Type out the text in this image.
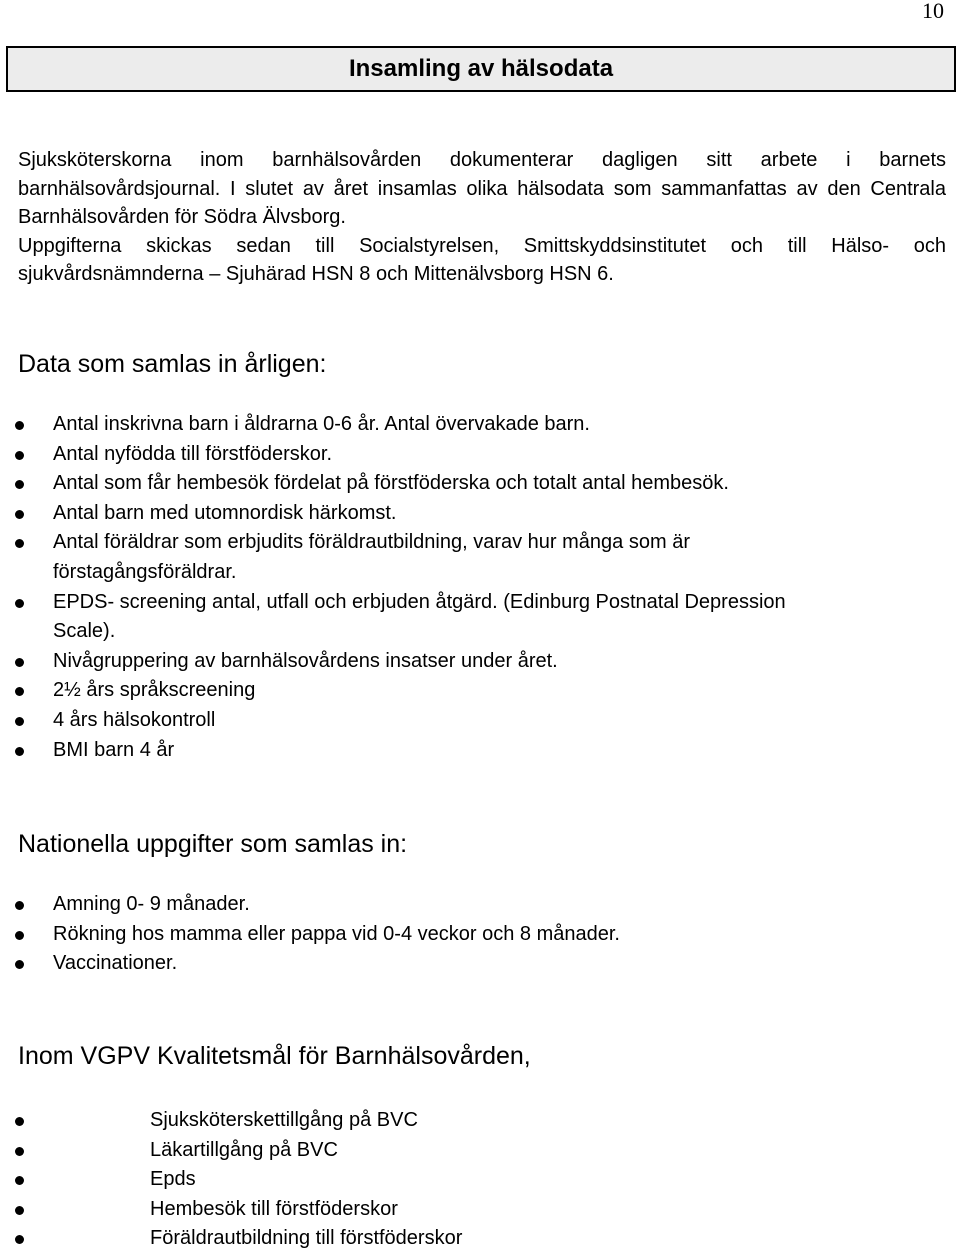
10
Insamling av hälsodata

Sjuksköterskorna inom barnhälsovården dokumenterar dagligen sitt arbete i barnets barnhälsovårdsjournal. I slutet av året insamlas olika hälsodata som sammanfattas av den Centrala Barnhälsovården för Södra Älvsborg.

Uppgifterna skickas sedan till Socialstyrelsen, Smittskyddsinstitutet och till Hälso- och sjukvårdsnämnderna – Sjuhärad HSN 8 och Mittenälvsborg HSN 6.

Data som samlas in årligen:
Antal inskrivna barn i åldrarna 0-6 år. Antal övervakade barn.
Antal nyfödda till förstföderskor.
Antal som får hembesök fördelat på förstföderska och totalt antal hembesök.
Antal barn med utomnordisk härkomst.
Antal föräldrar som erbjudits föräldrautbildning, varav hur många som är förstagångsföräldrar.
EPDS- screening antal, utfall och erbjuden åtgärd. (Edinburg Postnatal Depression Scale).
Nivågruppering av barnhälsovårdens insatser under året.
2½ års språkscreening
4 års hälsokontroll
BMI barn 4 år
Nationella uppgifter som samlas in:
Amning 0- 9 månader.
Rökning hos mamma eller pappa vid 0-4 veckor och 8 månader.
Vaccinationer.
Inom VGPV Kvalitetsmål för Barnhälsovården,
Sjuksköterskettillgång på BVC
Läkartillgång på BVC
Epds
Hembesök till förstföderskor
Föräldrautbildning till förstföderskor
